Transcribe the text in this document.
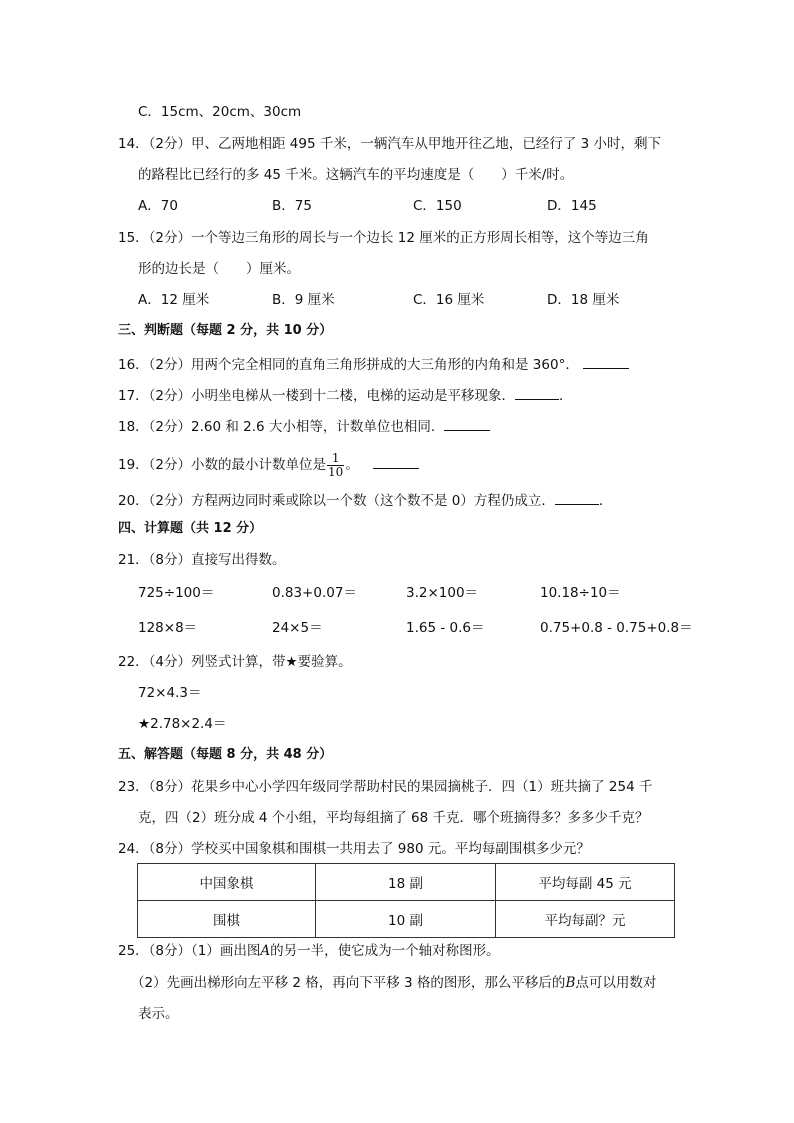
C．15cm、20cm、30cm
14．（2分）甲、乙两地相距 495 千米，一辆汽车从甲地开往乙地，已经行了 3 小时，剩下
的路程比已经行的多 45 千米。这辆汽车的平均速度是（　　）千米/时。
A．70	B．75	C．150	D．145
15．（2分）一个等边三角形的周长与一个边长 12 厘米的正方形周长相等，这个等边三角
形的边长是（　　）厘米。
A．12 厘米	B．9 厘米	C．16 厘米	D．18 厘米
三、判断题（每题 2 分，共 10 分）
16．（2分）用两个完全相同的直角三角形拼成的大三角形的内角和是 360°．
17．（2分）小明坐电梯从一楼到十二楼，电梯的运动是平移现象．	．
18．（2分）2.60 和 2.6 大小相等，计数单位也相同．
19．（2分）小数的最小计数单位是 $\frac{1}{10}$ 。
20．（2分）方程两边同时乘或除以一个数（这个数不是 0）方程仍成立．	．
四、计算题（共 12 分）
21．（8分）直接写出得数。
725÷100＝	0.83+0.07＝	3.2×100＝	10.18÷10＝
128×8＝	24×5＝	1.65 - 0.6＝	0.75+0.8 - 0.75+0.8＝
22．（4分）列竖式计算，带★要验算。
72×4.3＝
★2.78×2.4＝
五、解答题（每题 8 分，共 48 分）
23．（8分）花果乡中心小学四年级同学帮助村民的果园摘桃子．四（1）班共摘了 254 千
克，四（2）班分成 4 个小组，平均每组摘了 68 千克．哪个班摘得多？多多少千克？
24．（8分）学校买中国象棋和围棋一共用去了 980 元。平均每副围棋多少元？
中国象棋	18 副	平均每副 45 元
围棋	10 副	平均每副？元
25．（8分）（1）画出图A的另一半，使它成为一个轴对称图形。
（2）先画出梯形向左平移 2 格，再向下平移 3 格的图形，那么平移后的B点可以用数对
表示。
